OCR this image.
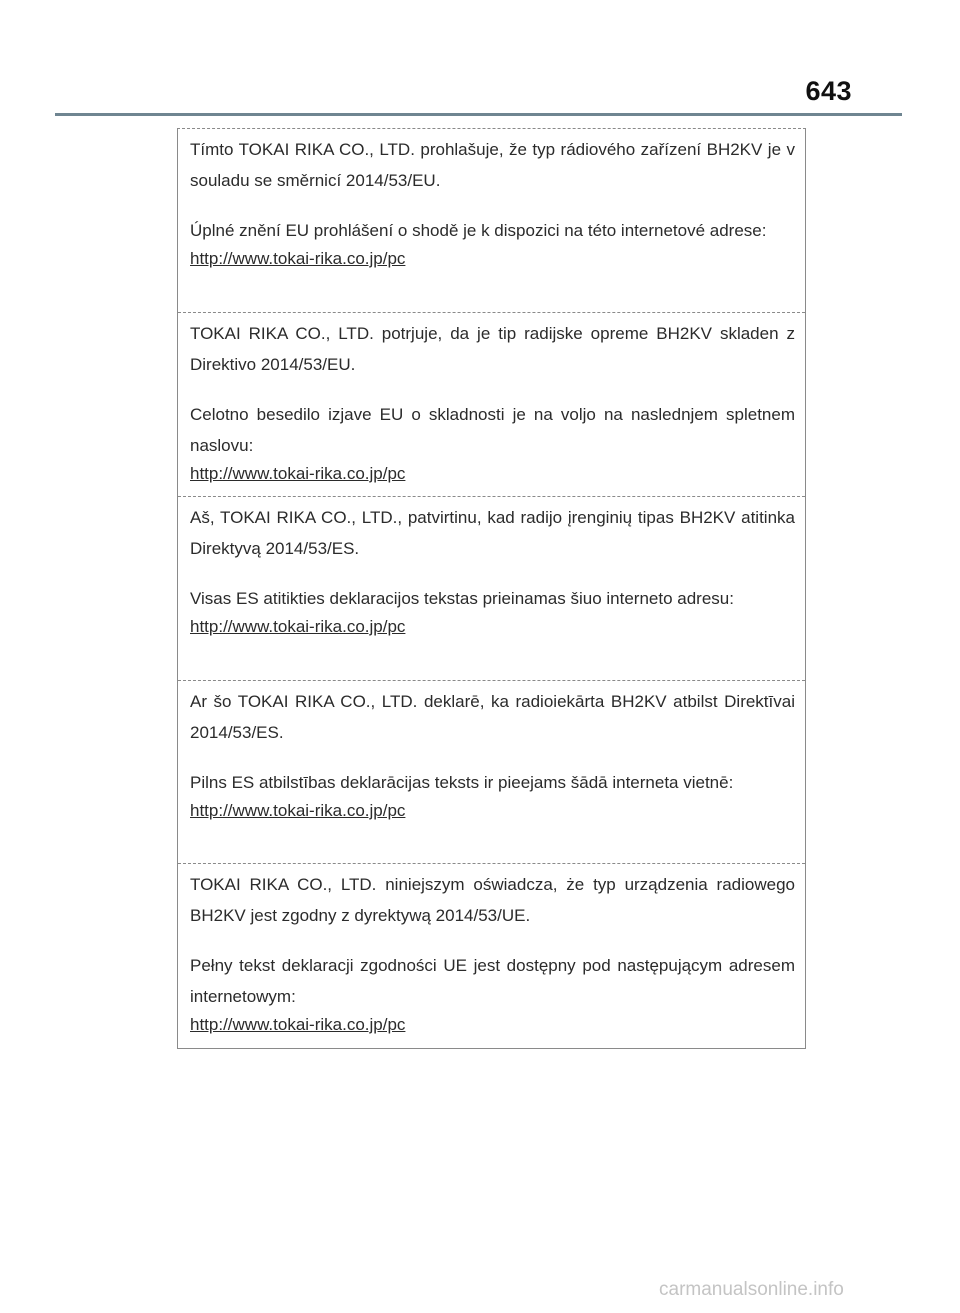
643

Tímto TOKAI RIKA CO., LTD. prohlašuje, že typ rádiového zařízení BH2KV je v souladu se směrnicí 2014/53/EU.

Úplné znění EU prohlášení o shodě je k dispozici na této internetové adrese:

http://www.tokai-rika.co.jp/pc

TOKAI RIKA CO., LTD. potrjuje, da je tip radijske opreme BH2KV skladen z Direktivo 2014/53/EU.

Celotno besedilo izjave EU o skladnosti je na voljo na naslednjem spletnem naslovu:

http://www.tokai-rika.co.jp/pc

Aš, TOKAI RIKA CO., LTD., patvirtinu, kad radijo įrenginių tipas BH2KV atitinka Direktyvą 2014/53/ES.

Visas ES atitikties deklaracijos tekstas prieinamas šiuo interneto adresu:

http://www.tokai-rika.co.jp/pc

Ar šo TOKAI RIKA CO., LTD. deklarē, ka radioiekārta BH2KV atbilst Direktīvai 2014/53/ES.

Pilns ES atbilstības deklarācijas teksts ir pieejams šādā interneta vietnē:

http://www.tokai-rika.co.jp/pc

TOKAI RIKA CO., LTD. niniejszym oświadcza, że typ urządzenia radiowego BH2KV jest zgodny z dyrektywą 2014/53/UE.

Pełny tekst deklaracji zgodności UE jest dostępny pod następującym adresem internetowym:

http://www.tokai-rika.co.jp/pc
carmanualsonline.info
